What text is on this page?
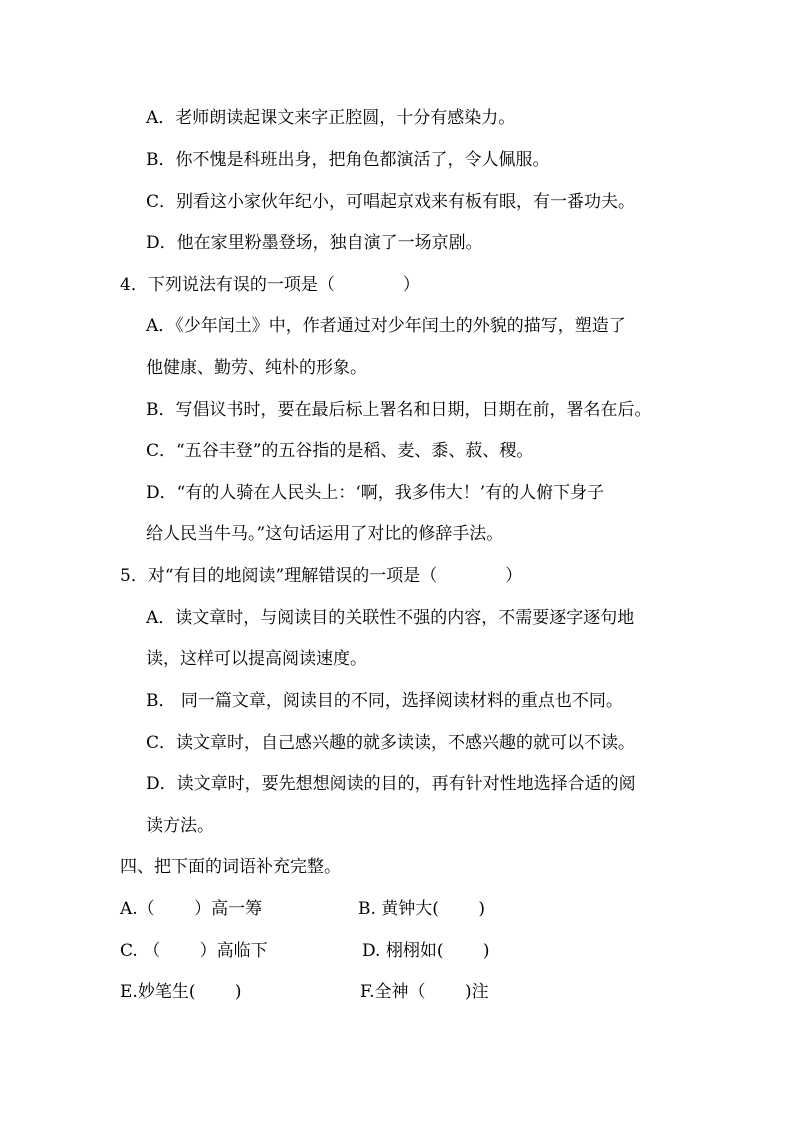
A．老师朗读起课文来字正腔圆，十分有感染力。
B．你不愧是科班出身，把角色都演活了，令人佩服。
C．别看这小家伙年纪小，可唱起京戏来有板有眼，有一番功夫。
D．他在家里粉墨登场，独自演了一场京剧。
4．下列说法有误的一项是（　　　　）
A．《少年闰土》中，作者通过对少年闰土的外貌的描写，塑造了
他健康、勤劳、纯朴的形象。
B．写倡议书时，要在最后标上署名和日期，日期在前，署名在后。
C．“五谷丰登”的五谷指的是稻、麦、黍、菽、稷。
D．“有的人骑在人民头上：‘啊，我多伟大！’有的人俯下身子
给人民当牛马。”这句话运用了对比的修辞手法。
5．对“有目的地阅读”理解错误的一项是（　　　　）
A．读文章时，与阅读目的关联性不强的内容，不需要逐字逐句地
读，这样可以提高阅读速度。
B． 同一篇文章，阅读目的不同，选择阅读材料的重点也不同。
C．读文章时，自己感兴趣的就多读读，不感兴趣的就可以不读。
D．读文章时，要先想想阅读的目的，再有针对性地选择合适的阅
读方法。
四、把下面的词语补充完整。
A.（　　 ）高一筹	B. 黄钟大(　　 )
C. （　　 ）高临下	D. 栩栩如(　　 )
E.妙笔生(　　 )	F.全神（　　 )注
